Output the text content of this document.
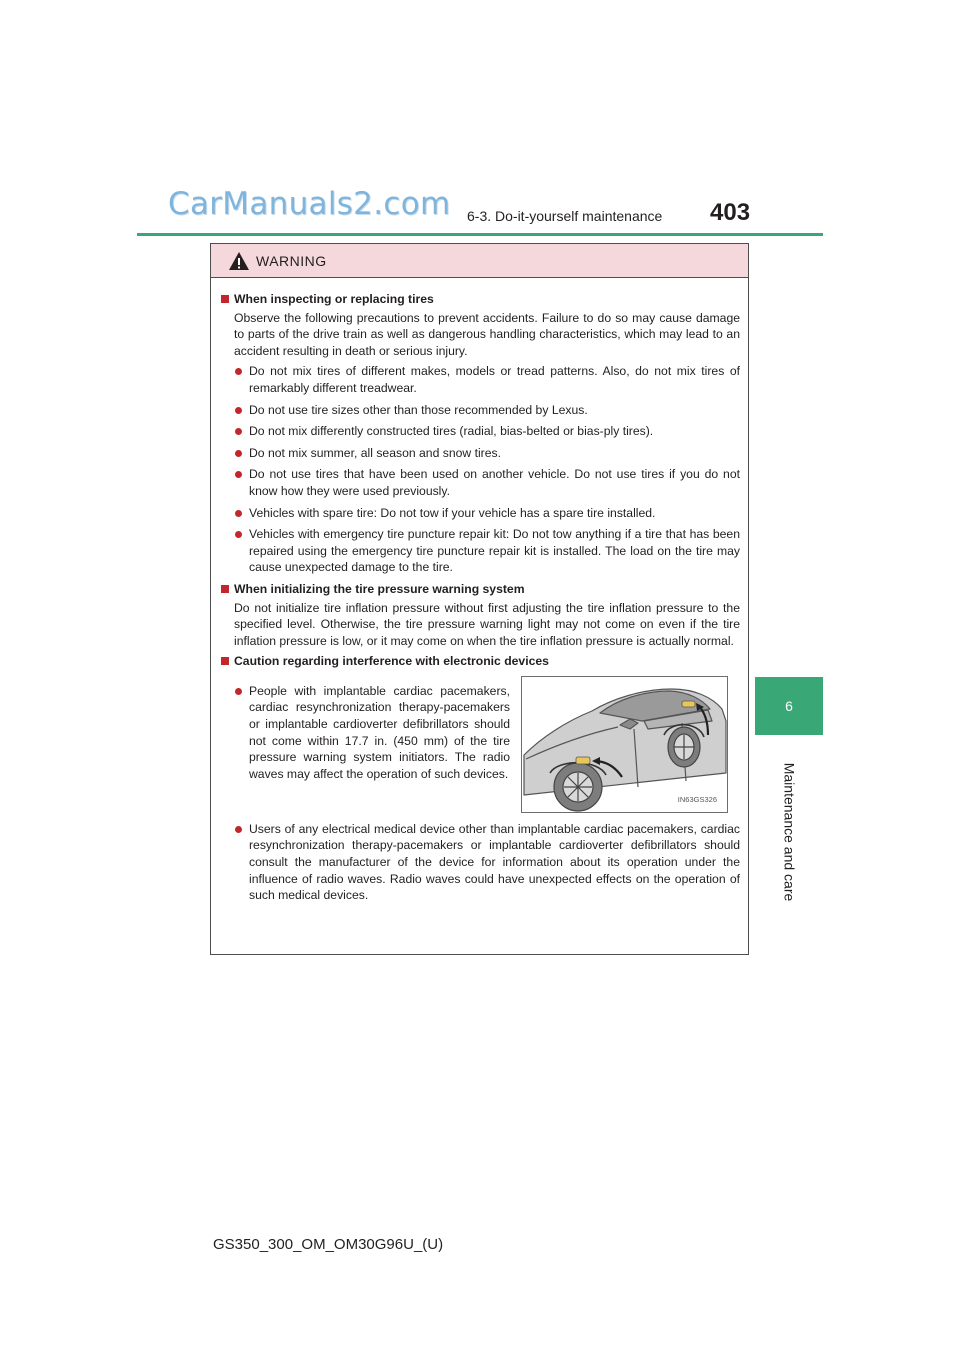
CarManuals2.com 6-3. Do-it-yourself maintenance 403
6
Maintenance and care
WARNING
When inspecting or replacing tires
Observe the following precautions to prevent accidents. Failure to do so may cause damage to parts of the drive train as well as dangerous handling characteristics, which may lead to an accident resulting in death or serious injury.
Do not mix tires of different makes, models or tread patterns. Also, do not mix tires of remarkably different treadwear.
Do not use tire sizes other than those recommended by Lexus.
Do not mix differently constructed tires (radial, bias-belted or bias-ply tires).
Do not mix summer, all season and snow tires.
Do not use tires that have been used on another vehicle. Do not use tires if you do not know how they were used previously.
Vehicles with spare tire: Do not tow if your vehicle has a spare tire installed.
Vehicles with emergency tire puncture repair kit: Do not tow anything if a tire that has been repaired using the emergency tire puncture repair kit is installed. The load on the tire may cause unexpected damage to the tire.
When initializing the tire pressure warning system
Do not initialize tire inflation pressure without first adjusting the tire inflation pressure to the specified level. Otherwise, the tire pressure warning light may not come on even if the tire inflation pressure is low, or it may come on when the tire inflation pressure is actually normal.
Caution regarding interference with electronic devices
People with implantable cardiac pacemakers, cardiac resynchronization therapy-pacemakers or implantable cardioverter defibrillators should not come within 17.7 in. (450 mm) of the tire pressure warning system initiators. The radio waves may affect the operation of such devices.
IN63GS326
Users of any electrical medical device other than implantable cardiac pacemakers, cardiac resynchronization therapy-pacemakers or implantable cardioverter defibrillators should consult the manufacturer of the device for information about its operation under the influence of radio waves. Radio waves could have unexpected effects on the operation of such medical devices.
GS350_300_OM_OM30G96U_(U)
